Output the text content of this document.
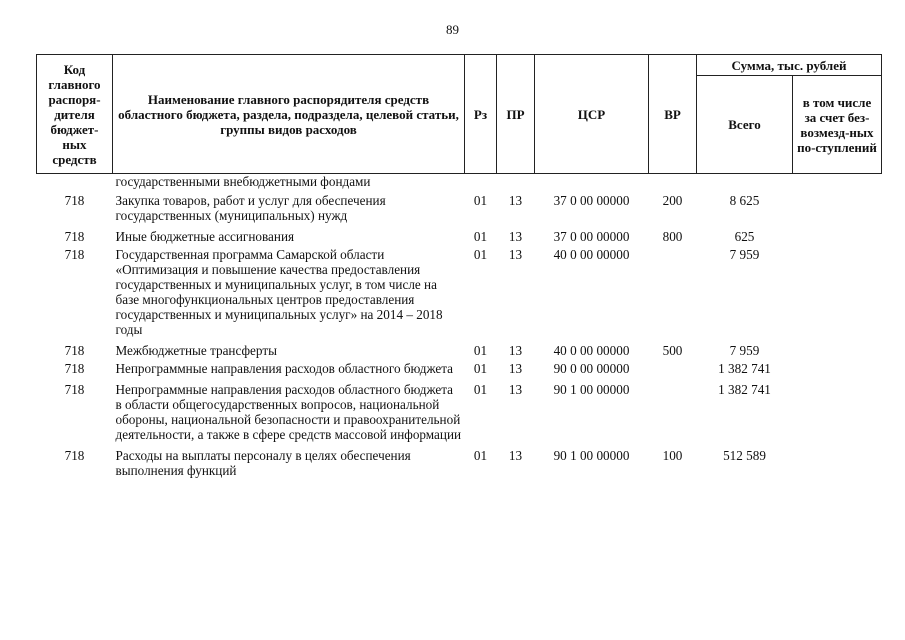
89
Код главного распоря-дителя бюджет-ных средств	Наименование главного распорядителя средств областного бюджета, раздела, подраздела, целевой статьи, группы видов расходов	Рз	ПР	ЦСР	ВР	Сумма, тыс. рублей	
						Всего	в том числе за счет без-возмезд-ных по-ступлений
	государственными внебюджетными фондами						
718	Закупка товаров, работ и услуг для обеспечения государственных (муниципальных) нужд	01	13	37 0 00 00000	200	8 625	
718	Иные бюджетные ассигнования	01	13	37 0 00 00000	800	625	
718	Государственная программа Самарской области «Оптимизация и повышение качества предоставления государственных и муниципальных услуг, в том числе на базе многофункциональных центров предоставления государственных и муниципальных услуг» на 2014 – 2018 годы	01	13	40 0 00 00000		7 959	
718	Межбюджетные трансферты	01	13	40 0 00 00000	500	7 959	
718	Непрограммные направления расходов областного бюджета	01	13	90 0 00 00000		1 382 741	
718	Непрограммные направления расходов областного бюджета в области общегосударственных вопросов, национальной обороны, национальной безопасности и правоохранительной деятельности, а также в сфере средств массовой информации	01	13	90 1 00 00000		1 382 741	
718	Расходы на выплаты персоналу в целях обеспечения выполнения функций	01	13	90 1 00 00000	100	512 589	
